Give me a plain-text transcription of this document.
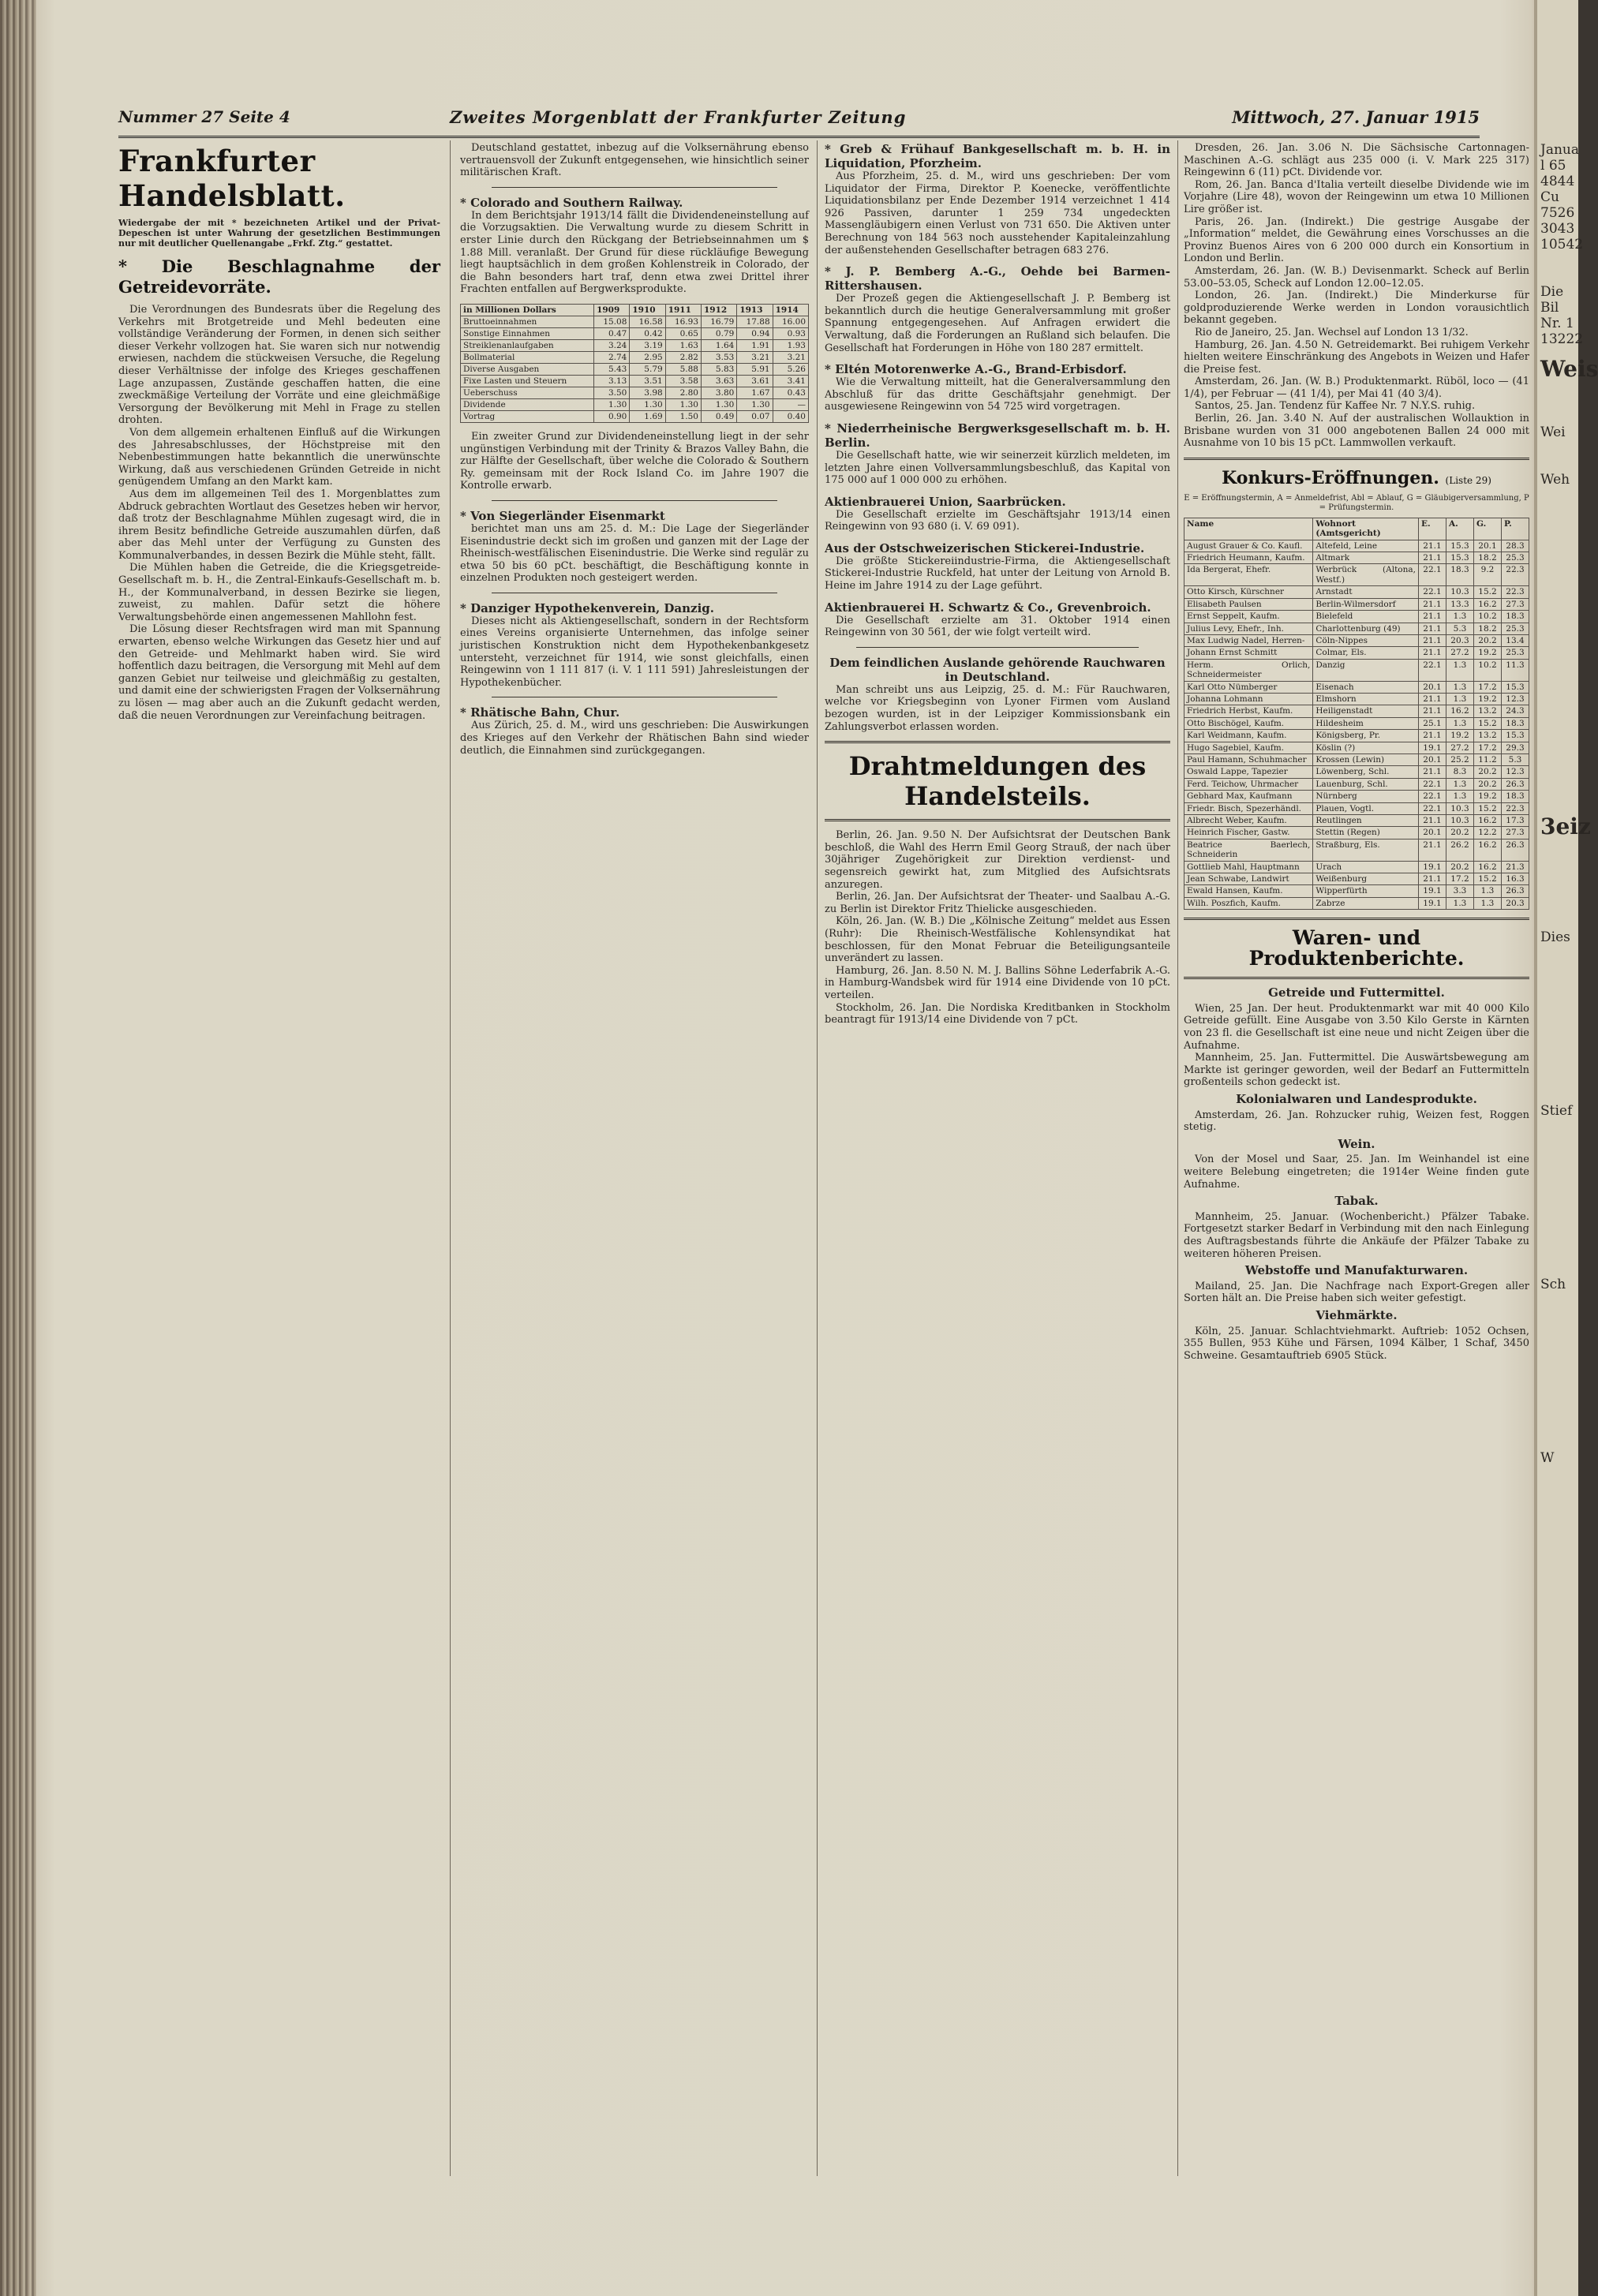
Janua
l 65
4844
Cu
7526
3043
10542
Die
Bil
Nr. 1
13222
Weis
Wei
Weh
3eiz
Dies
Stief
Sch
W
Nummer 27 Seite 4	Zweites Morgenblatt der Frankfurter Zeitung	Mittwoch, 27. Januar 1915
Frankfurter Handelsblatt.
Wiedergabe der mit * bezeichneten Artikel und der Privat-Depeschen ist unter Wahrung der gesetzlichen Bestimmungen nur mit deutlicher Quellenangabe „Frkf. Ztg.“ gestattet.
* Die Beschlagnahme der Getreidevorräte.

Die Verordnungen des Bundesrats über die Regelung des Verkehrs mit Brotgetreide und Mehl bedeuten eine vollständige Veränderung der Formen, in denen sich seither dieser Verkehr vollzogen hat. Sie waren sich nur notwendig erwiesen, nachdem die stückweisen Versuche, die Regelung dieser Verhältnisse der infolge des Krieges geschaffenen Lage anzupassen, Zustände geschaffen hatten, die eine zweckmäßige Verteilung der Vorräte und eine gleichmäßige Versorgung der Bevölkerung mit Mehl in Frage zu stellen drohten.

Von dem allgemein erhaltenen Einfluß auf die Wirkungen des Jahresabschlusses, der Höchstpreise mit den Nebenbestimmungen hatte bekanntlich die unerwünschte Wirkung, daß aus verschiedenen Gründen Getreide in nicht genügendem Umfang an den Markt kam.

Aus dem im allgemeinen Teil des 1. Morgenblattes zum Abdruck gebrachten Wortlaut des Gesetzes heben wir hervor, daß trotz der Beschlagnahme Mühlen zugesagt wird, die in ihrem Besitz befindliche Getreide auszumahlen dürfen, daß aber das Mehl unter der Verfügung zu Gunsten des Kommunalverbandes, in dessen Bezirk die Mühle steht, fällt.

Die Mühlen haben die Getreide, die die Kriegsgetreide-Gesellschaft m. b. H., die Zentral-Einkaufs-Gesellschaft m. b. H., der Kommunalverband, in dessen Bezirke sie liegen, zuweist, zu mahlen. Dafür setzt die höhere Verwaltungsbehörde einen angemessenen Mahllohn fest.

Die Lösung dieser Rechtsfragen wird man mit Spannung erwarten, ebenso welche Wirkungen das Gesetz hier und auf den Getreide- und Mehlmarkt haben wird. Sie wird hoffentlich dazu beitragen, die Versorgung mit Mehl auf dem ganzen Gebiet nur teilweise und gleichmäßig zu gestalten, und damit eine der schwierigsten Fragen der Volksernährung zu lösen — mag aber auch an die Zukunft gedacht werden, daß die neuen Verordnungen zur Vereinfachung beitragen.

Deutschland gestattet, inbezug auf die Volksernährung ebenso vertrauensvoll der Zukunft entgegensehen, wie hinsichtlich seiner militärischen Kraft.

* Colorado and Southern Railway.

In dem Berichtsjahr 1913/14 fällt die Dividendeneinstellung auf die Vorzugsaktien. Die Verwaltung wurde zu diesem Schritt in erster Linie durch den Rückgang der Betriebseinnahmen um $ 1.88 Mill. veranlaßt. Der Grund für diese rückläufige Bewegung liegt hauptsächlich in dem großen Kohlenstreik in Colorado, der die Bahn besonders hart traf, denn etwa zwei Drittel ihrer Frachten entfallen auf Bergwerksprodukte.

in Millionen Dollars	1909	1910	1911	1912	1913	1914
Bruttoeinnahmen	15.08	16.58	16.93	16.79	17.88	16.00
Sonstige Einnahmen	0.47	0.42	0.65	0.79	0.94	0.93
Streiklenanlaufgaben	3.24	3.19	1.63	1.64	1.91	1.93
Bollmaterial	2.74	2.95	2.82	3.53	3.21	3.21
Diverse Ausgaben	5.43	5.79	5.88	5.83	5.91	5.26
Fixe Lasten und Steuern	3.13	3.51	3.58	3.63	3.61	3.41
Ueberschuss	3.50	3.98	2.80	3.80	1.67	0.43
Dividende	1.30	1.30	1.30	1.30	1.30	—
Vortrag	0.90	1.69	1.50	0.49	0.07	0.40

Ein zweiter Grund zur Dividendeneinstellung liegt in der sehr ungünstigen Verbindung mit der Trinity & Brazos Valley Bahn, die zur Hälfte der Gesellschaft, über welche die Colorado & Southern Ry. gemeinsam mit der Rock Island Co. im Jahre 1907 die Kontrolle erwarb.

* Von Siegerländer Eisenmarkt

berichtet man uns am 25. d. M.: Die Lage der Siegerländer Eisenindustrie deckt sich im großen und ganzen mit der Lage der Rheinisch-westfälischen Eisenindustrie. Die Werke sind regulär zu etwa 50 bis 60 pCt. beschäftigt, die Beschäftigung konnte in einzelnen Produkten noch gesteigert werden.

* Danziger Hypothekenverein, Danzig.

Dieses nicht als Aktiengesellschaft, sondern in der Rechtsform eines Vereins organisierte Unternehmen, das infolge seiner juristischen Konstruktion nicht dem Hypothekenbankgesetz untersteht, verzeichnet für 1914, wie sonst gleichfalls, einen Reingewinn von 1 111 817 (i. V. 1 111 591) Jahresleistungen der Hypothekenbücher.

* Rhätische Bahn, Chur.

Aus Zürich, 25. d. M., wird uns geschrieben: Die Auswirkungen des Krieges auf den Verkehr der Rhätischen Bahn sind wieder deutlich, die Einnahmen sind zurückgegangen.

* Greb & Frühauf Bankgesellschaft m. b. H. in Liquidation, Pforzheim.

Aus Pforzheim, 25. d. M., wird uns geschrieben: Der vom Liquidator der Firma, Direktor P. Koenecke, veröffentlichte Liquidationsbilanz per Ende Dezember 1914 verzeichnet 1 414 926 Passiven, darunter 1 259 734 ungedeckten Massengläubigern einen Verlust von 731 650. Die Aktiven unter Berechnung von 184 563 noch ausstehender Kapitaleinzahlung der außenstehenden Gesellschafter betragen 683 276.

* J. P. Bemberg A.-G., Oehde bei Barmen-Rittershausen.

Der Prozeß gegen die Aktiengesellschaft J. P. Bemberg ist bekanntlich durch die heutige Generalversammlung mit großer Spannung entgegengesehen. Auf Anfragen erwidert die Verwaltung, daß die Forderungen an Rußland sich belaufen. Die Gesellschaft hat Forderungen in Höhe von 180 287 ermittelt.

* Eltén Motorenwerke A.-G., Brand-Erbisdorf.

Wie die Verwaltung mitteilt, hat die Generalversammlung den Abschluß für das dritte Geschäftsjahr genehmigt. Der ausgewiesene Reingewinn von 54 725 wird vorgetragen.

* Niederrheinische Bergwerksgesellschaft m. b. H. Berlin.

Die Gesellschaft hatte, wie wir seinerzeit kürzlich meldeten, im letzten Jahre einen Vollversammlungsbeschluß, das Kapital von 175 000 auf 1 000 000 zu erhöhen.

Aktienbrauerei Union, Saarbrücken.

Die Gesellschaft erzielte im Geschäftsjahr 1913/14 einen Reingewinn von 93 680 (i. V. 69 091).

Aus der Ostschweizerischen Stickerei-Industrie.

Die größte Stickereiindustrie-Firma, die Aktiengesellschaft Stickerei-Industrie Ruckfeld, hat unter der Leitung von Arnold B. Heine im Jahre 1914 zu der Lage geführt.

Aktienbrauerei H. Schwartz & Co., Grevenbroich.

Die Gesellschaft erzielte am 31. Oktober 1914 einen Reingewinn von 30 561, der wie folgt verteilt wird.

Dem feindlichen Auslande gehörende Rauchwaren in Deutschland.

Man schreibt uns aus Leipzig, 25. d. M.: Für Rauchwaren, welche vor Kriegsbeginn von Lyoner Firmen vom Ausland bezogen wurden, ist in der Leipziger Kommissionsbank ein Zahlungsverbot erlassen worden.

Drahtmeldungen des Handelsteils.

Berlin, 26. Jan. 9.50 N. Der Aufsichtsrat der Deutschen Bank beschloß, die Wahl des Herrn Emil Georg Strauß, der nach über 30jähriger Zugehörigkeit zur Direktion verdienst- und segensreich gewirkt hat, zum Mitglied des Aufsichtsrats anzuregen.

Berlin, 26. Jan. Der Aufsichtsrat der Theater- und Saalbau A.-G. zu Berlin ist Direktor Fritz Thielicke ausgeschieden.

Köln, 26. Jan. (W. B.) Die „Kölnische Zeitung“ meldet aus Essen (Ruhr): Die Rheinisch-Westfälische Kohlensyndikat hat beschlossen, für den Monat Februar die Beteiligungsanteile unverändert zu lassen.

Hamburg, 26. Jan. 8.50 N. M. J. Ballins Söhne Lederfabrik A.-G. in Hamburg-Wandsbek wird für 1914 eine Dividende von 10 pCt. verteilen.

Stockholm, 26. Jan. Die Nordiska Kreditbanken in Stockholm beantragt für 1913/14 eine Dividende von 7 pCt.

Dresden, 26. Jan. 3.06 N. Die Sächsische Cartonnagen-Maschinen A.-G. schlägt aus 235 000 (i. V. Mark 225 317) Reingewinn 6 (11) pCt. Dividende vor.

Rom, 26. Jan. Banca d'Italia verteilt dieselbe Dividende wie im Vorjahre (Lire 48), wovon der Reingewinn um etwa 10 Millionen Lire größer ist.

Paris, 26. Jan. (Indirekt.) Die gestrige Ausgabe der „Information“ meldet, die Gewährung eines Vorschusses an die Provinz Buenos Aires von 6 200 000 durch ein Konsortium in London und Berlin.

Amsterdam, 26. Jan. (W. B.) Devisenmarkt. Scheck auf Berlin 53.00–53.05, Scheck auf London 12.00–12.05.

London, 26. Jan. (Indirekt.) Die Minderkurse für goldproduzierende Werke werden in London vorausichtlich bekannt gegeben.

Rio de Janeiro, 25. Jan. Wechsel auf London 13 1/32.

Hamburg, 26. Jan. 4.50 N. Getreidemarkt. Bei ruhigem Verkehr hielten weitere Einschränkung des Angebots in Weizen und Hafer die Preise fest.

Amsterdam, 26. Jan. (W. B.) Produktenmarkt. Rüböl, loco — (41 1/4), per Februar — (41 1/4), per Mai 41 (40 3/4).

Santos, 25. Jan. Tendenz für Kaffee Nr. 7 N.Y.S. ruhig.

Berlin, 26. Jan. 3.40 N. Auf der australischen Wollauktion in Brisbane wurden von 31 000 angebotenen Ballen 24 000 mit Ausnahme von 10 bis 15 pCt. Lammwollen verkauft.

Konkurs-Eröffnungen. (Liste 29)
E = Eröffnungstermin, A = Anmeldefrist, Abl = Ablauf, G = Gläubigerversammlung, P = Prüfungstermin.
Name	Wohnort (Amtsgericht)	E.	A.	G.	P.
August Grauer & Co. Kaufl.	Altefeld, Leine	21.1	15.3	20.1	28.3
Friedrich Heumann, Kaufm.	Altmark	21.1	15.3	18.2	25.3
Ida Bergerat, Ehefr.	Werbrück (Altona, Westf.)	22.1	18.3	9.2	22.3
Otto Kirsch, Kürschner	Arnstadt	22.1	10.3	15.2	22.3
Elisabeth Paulsen	Berlin-Wilmersdorf	21.1	13.3	16.2	27.3
Ernst Seppelt, Kaufm.	Bielefeld	21.1	1.3	10.2	18.3
Julius Levy, Ehefr., Inh.	Charlottenburg (49)	21.1	5.3	18.2	25.3
Max Ludwig Nadel, Herren-	Cöln-Nippes	21.1	20.3	20.2	13.4
Johann Ernst Schmitt	Colmar, Els.	21.1	27.2	19.2	25.3
Herm. Orlich, Schneidermeister	Danzig	22.1	1.3	10.2	11.3
Karl Otto Nümberger	Eisenach	20.1	1.3	17.2	15.3
Johanna Lohmann	Elmshorn	21.1	1.3	19.2	12.3
Friedrich Herbst, Kaufm.	Heiligenstadt	21.1	16.2	13.2	24.3
Otto Bischögel, Kaufm.	Hildesheim	25.1	1.3	15.2	18.3
Karl Weidmann, Kaufm.	Königsberg, Pr.	21.1	19.2	13.2	15.3
Hugo Sagebiel, Kaufm.	Köslin (?)	19.1	27.2	17.2	29.3
Paul Hamann, Schuhmacher	Krossen (Lewin)	20.1	25.2	11.2	5.3
Oswald Lappe, Tapezier	Löwenberg, Schl.	21.1	8.3	20.2	12.3
Ferd. Teichow, Uhrmacher	Lauenburg, Schl.	22.1	1.3	20.2	26.3
Gebhard Max, Kaufmann	Nürnberg	22.1	1.3	19.2	18.3
Friedr. Bisch, Spezerhändl.	Plauen, Vogtl.	22.1	10.3	15.2	22.3
Albrecht Weber, Kaufm.	Reutlingen	21.1	10.3	16.2	17.3
Heinrich Fischer, Gastw.	Stettin (Regen)	20.1	20.2	12.2	27.3
Beatrice Baerlech, Schneiderin	Straßburg, Els.	21.1	26.2	16.2	26.3
Gottlieb Mahl, Hauptmann	Urach	19.1	20.2	16.2	21.3
Jean Schwabe, Landwirt	Weißenburg	21.1	17.2	15.2	16.3
Ewald Hansen, Kaufm.	Wipperfürth	19.1	3.3	1.3	26.3
Wilh. Poszfich, Kaufm.	Zabrze	19.1	1.3	1.3	20.3
Waren- und Produktenberichte.
Getreide und Futtermittel.

Wien, 25 Jan. Der heut. Produktenmarkt war mit 40 000 Kilo Getreide gefüllt. Eine Ausgabe von 3.50 Kilo Gerste in Kärnten von 23 fl. die Gesellschaft ist eine neue und nicht Zeigen über die Aufnahme.

Mannheim, 25. Jan. Futtermittel. Die Auswärtsbewegung am Markte ist geringer geworden, weil der Bedarf an Futtermitteln großenteils schon gedeckt ist.

Kolonialwaren und Landesprodukte.

Amsterdam, 26. Jan. Rohzucker ruhig, Weizen fest, Roggen stetig.

Wein.

Von der Mosel und Saar, 25. Jan. Im Weinhandel ist eine weitere Belebung eingetreten; die 1914er Weine finden gute Aufnahme.

Tabak.

Mannheim, 25. Januar. (Wochenbericht.) Pfälzer Tabake. Fortgesetzt starker Bedarf in Verbindung mit den nach Einlegung des Auftragsbestands führte die Ankäufe der Pfälzer Tabake zu weiteren höheren Preisen.

Webstoffe und Manufakturwaren.

Mailand, 25. Jan. Die Nachfrage nach Export-Gregen aller Sorten hält an. Die Preise haben sich weiter gefestigt.

Viehmärkte.

Köln, 25. Januar. Schlachtviehmarkt. Auftrieb: 1052 Ochsen, 355 Bullen, 953 Kühe und Färsen, 1094 Kälber, 1 Schaf, 3450 Schweine. Gesamtauftrieb 6905 Stück.
